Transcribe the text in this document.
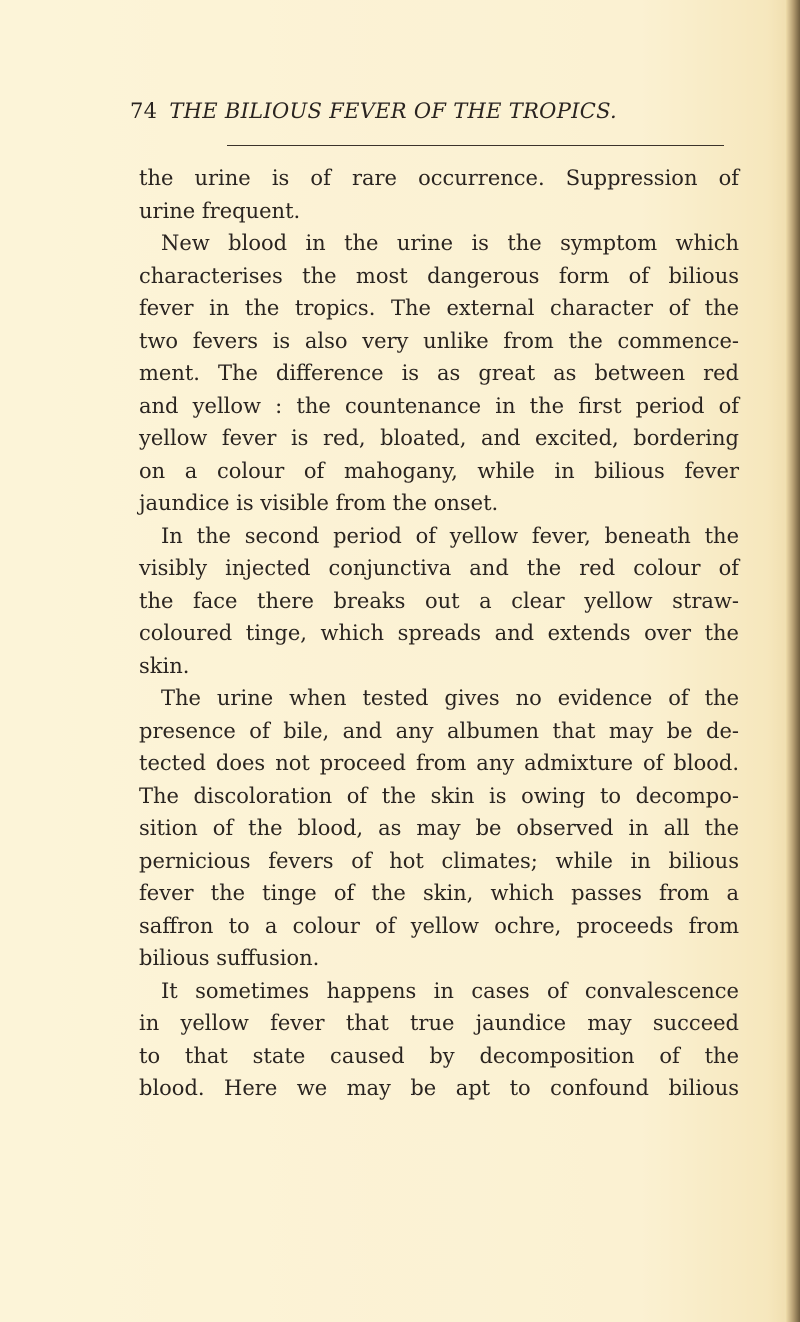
74 THE BILIOUS FEVER OF THE TROPICS.
the urine is of rare occurrence. Suppression of
urine frequent.
New blood in the urine is the symptom which
characterises the most dangerous form of bilious
fever in the tropics. The external character of the
two fevers is also very unlike from the commence-
ment. The difference is as great as between red
and yellow : the countenance in the first period of
yellow fever is red, bloated, and excited, bordering
on a colour of mahogany, while in bilious fever
jaundice is visible from the onset.
In the second period of yellow fever, beneath the
visibly injected conjunctiva and the red colour of
the face there breaks out a clear yellow straw-
coloured tinge, which spreads and extends over the
skin.
The urine when tested gives no evidence of the
presence of bile, and any albumen that may be de-
tected does not proceed from any admixture of blood.
The discoloration of the skin is owing to decompo-
sition of the blood, as may be observed in all the
pernicious fevers of hot climates; while in bilious
fever the tinge of the skin, which passes from a
saffron to a colour of yellow ochre, proceeds from
bilious suffusion.
It sometimes happens in cases of convalescence
in yellow fever that true jaundice may succeed
to that state caused by decomposition of the
blood. Here we may be apt to confound bilious
